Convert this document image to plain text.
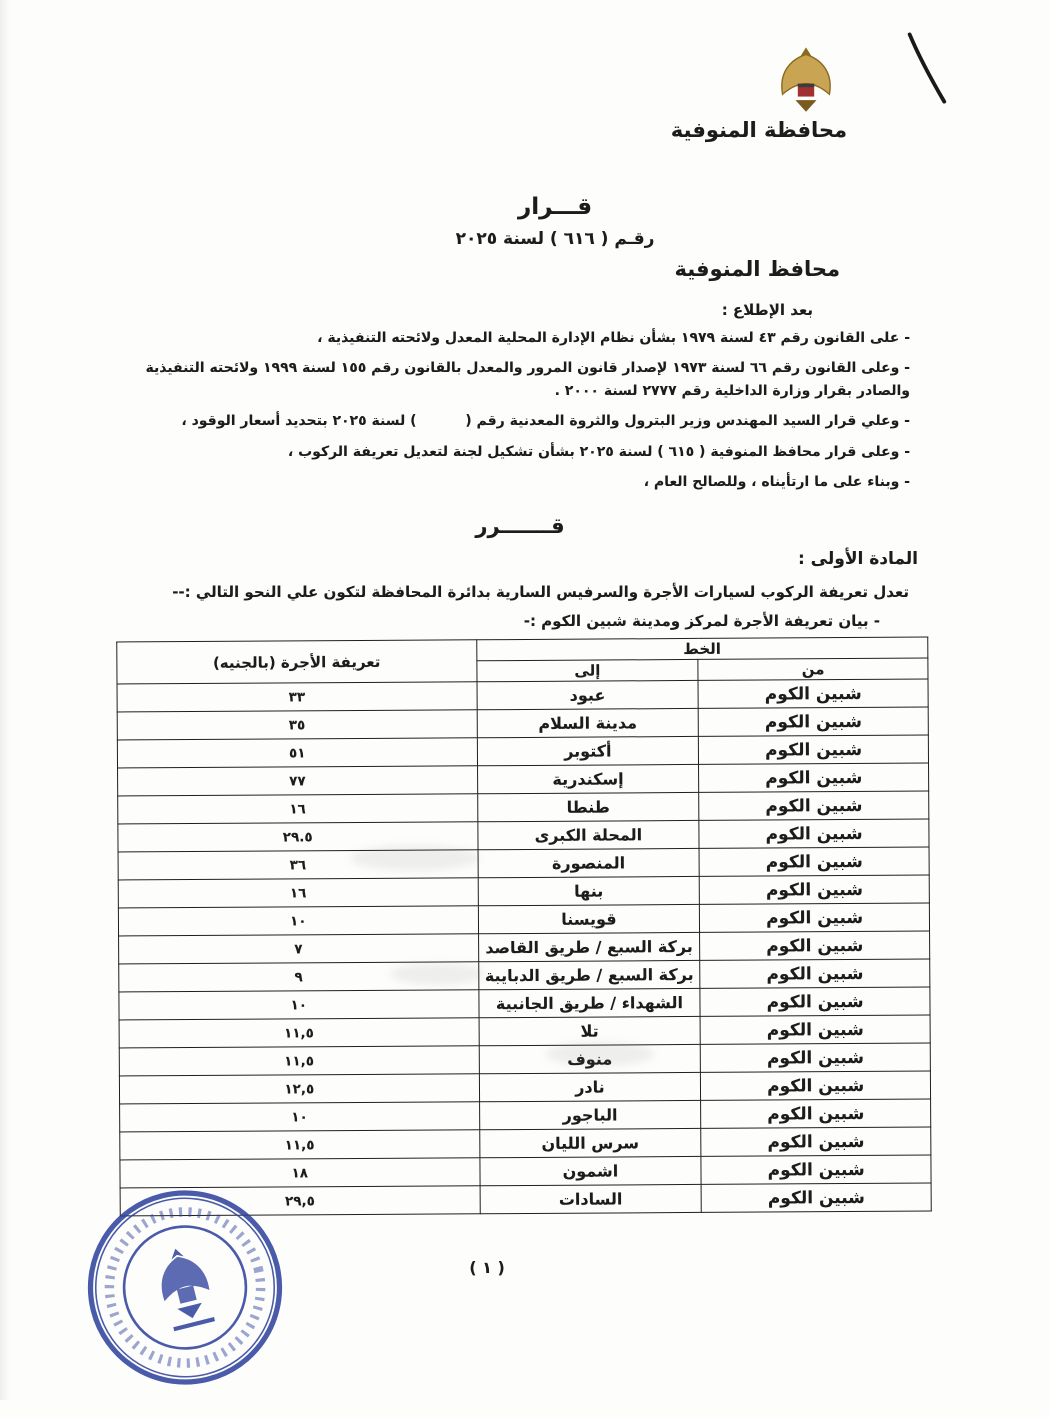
محافظة المنوفية
قـــرار
رقـم ( ٦١٦ ) لسنة ٢٠٢٥
محافظ المنوفية
بعد الإطلاع :
- على القانون رقم ٤٣ لسنة ١٩٧٩ بشأن نظام الإدارة المحلية المعدل ولائحته التنفيذية ،
- وعلى القانون رقم ٦٦ لسنة ١٩٧٣ لإصدار قانون المرور والمعدل بالقانون رقم ١٥٥ لسنة ١٩٩٩ ولائحته التنفيذية والصادر بقرار وزارة الداخلية رقم ٢٧٧٧ لسنة ٢٠٠٠ .
- وعلي قرار السيد المهندس وزير البترول والثروة المعدنية رقم (          ) لسنة ٢٠٢٥ بتحديد أسعار الوقود ،
- وعلى قرار محافظ المنوفية ( ٦١٥ ) لسنة ٢٠٢٥ بشأن تشكيل لجنة لتعديل تعريفة الركوب ،
- وبناء على ما ارتأيناه ، وللصالح العام ،
قـــــــرر
المادة الأولى :
تعدل تعريفة الركوب لسيارات الأجرة والسرفيس السارية بدائرة المحافظة لتكون علي النحو التالي :--
- بيان تعريفة الأجرة لمركز ومدينة شبين الكوم :-
الخط		تعريفة الأجرة (بالجنيه)
من	إلى	
شبين الكوم	عبود	٣٣
شبين الكوم	مدينة السلام	٣٥
شبين الكوم	أكتوبر	٥١
شبين الكوم	إسكندرية	٧٧
شبين الكوم	طنطا	١٦
شبين الكوم	المحلة الكبرى	٢٩.٥
شبين الكوم	المنصورة	٣٦
شبين الكوم	بنها	١٦
شبين الكوم	قويسنا	١٠
شبين الكوم	بركة السبع / طريق القاصد	٧
شبين الكوم	بركة السبع / طريق الدبايبة	٩
شبين الكوم	الشهداء / طريق الجانبية	١٠
شبين الكوم	تلا	١١,٥
شبين الكوم	منوف	١١,٥
شبين الكوم	نادر	١٢,٥
شبين الكوم	الباجور	١٠
شبين الكوم	سرس الليان	١١,٥
شبين الكوم	اشمون	١٨
شبين الكوم	السادات	٢٩,٥
( ١ )
